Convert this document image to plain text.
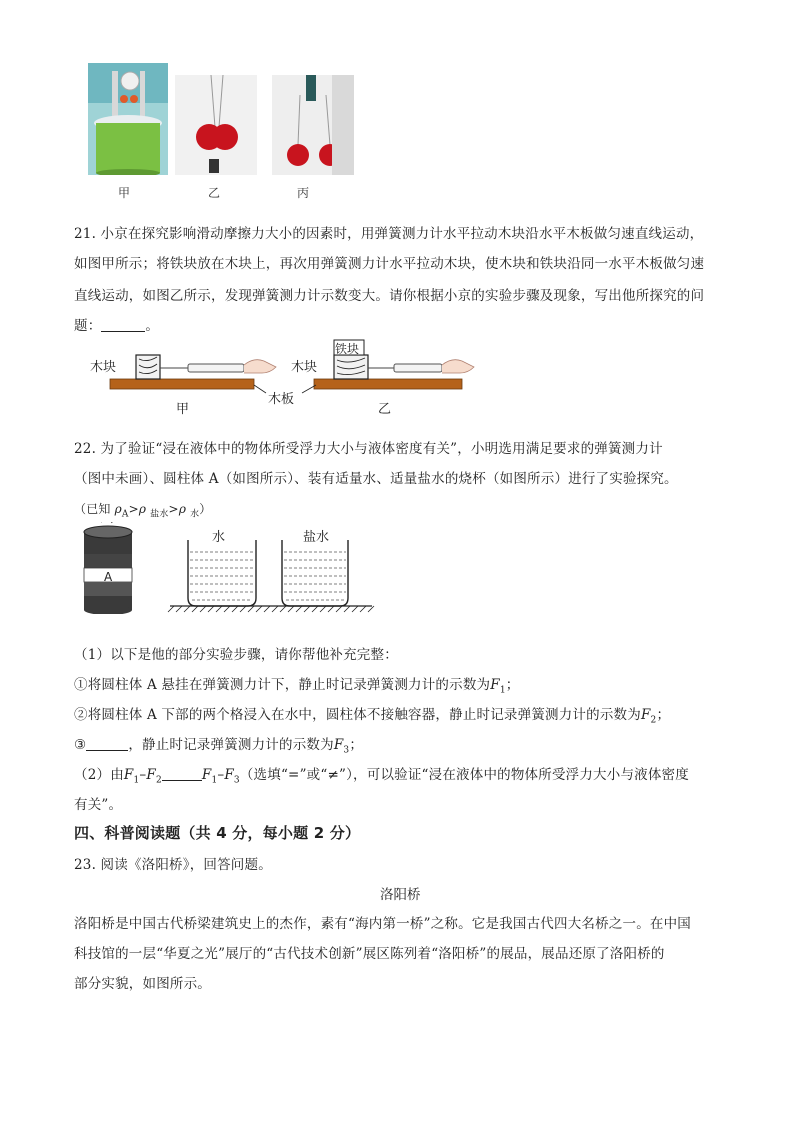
甲	乙	丙
21. 小京在探究影响滑动摩擦力大小的因素时，用弹簧测力计水平拉动木块沿水平木板做匀速直线运动，
如图甲所示；将铁块放在木块上，再次用弹簧测力计水平拉动木块，使木块和铁块沿同一水平木板做匀速
直线运动，如图乙所示，发现弹簧测力计示数变大。请你根据小京的实验步骤及现象，写出他所探究的问
题：	。
木块	木块
铁块
木板
甲	乙
22. 为了验证“浸在液体中的物体所受浮力大小与液体密度有关”，小明选用满足要求的弹簧测力计
（图中未画）、圆柱体 A（如图所示）、装有适量水、适量盐水的烧杯（如图所示）进行了实验探究。
（已知 $\rho_A>\rho$ $_{盐水}$>ρ $_水$）
A
水	盐水
（1）以下是他的部分实验步骤，请你帮他补充完整：
①将圆柱体 A 悬挂在弹簧测力计下，静止时记录弹簧测力计的示数为$F_1$；
②将圆柱体 A 下部的两个格浸入在水中，圆柱体不接触容器，静止时记录弹簧测力计的示数为$F_2$；
③	，静止时记录弹簧测力计的示数为$F_3$；
（2）由$F_1-F_2$	$F_1-F_3$（选填“=”或“≠”），可以验证“浸在液体中的物体所受浮力大小与液体密度
有关”。
四、科普阅读题（共 4 分，每小题 2 分）
23. 阅读《洛阳桥》，回答问题。
洛阳桥
洛阳桥是中国古代桥梁建筑史上的杰作，素有“海内第一桥”之称。它是我国古代四大名桥之一。在中国
科技馆的一层“华夏之光”展厅的“古代技术创新”展区陈列着“洛阳桥”的展品，展品还原了洛阳桥的
部分实貌，如图所示。
